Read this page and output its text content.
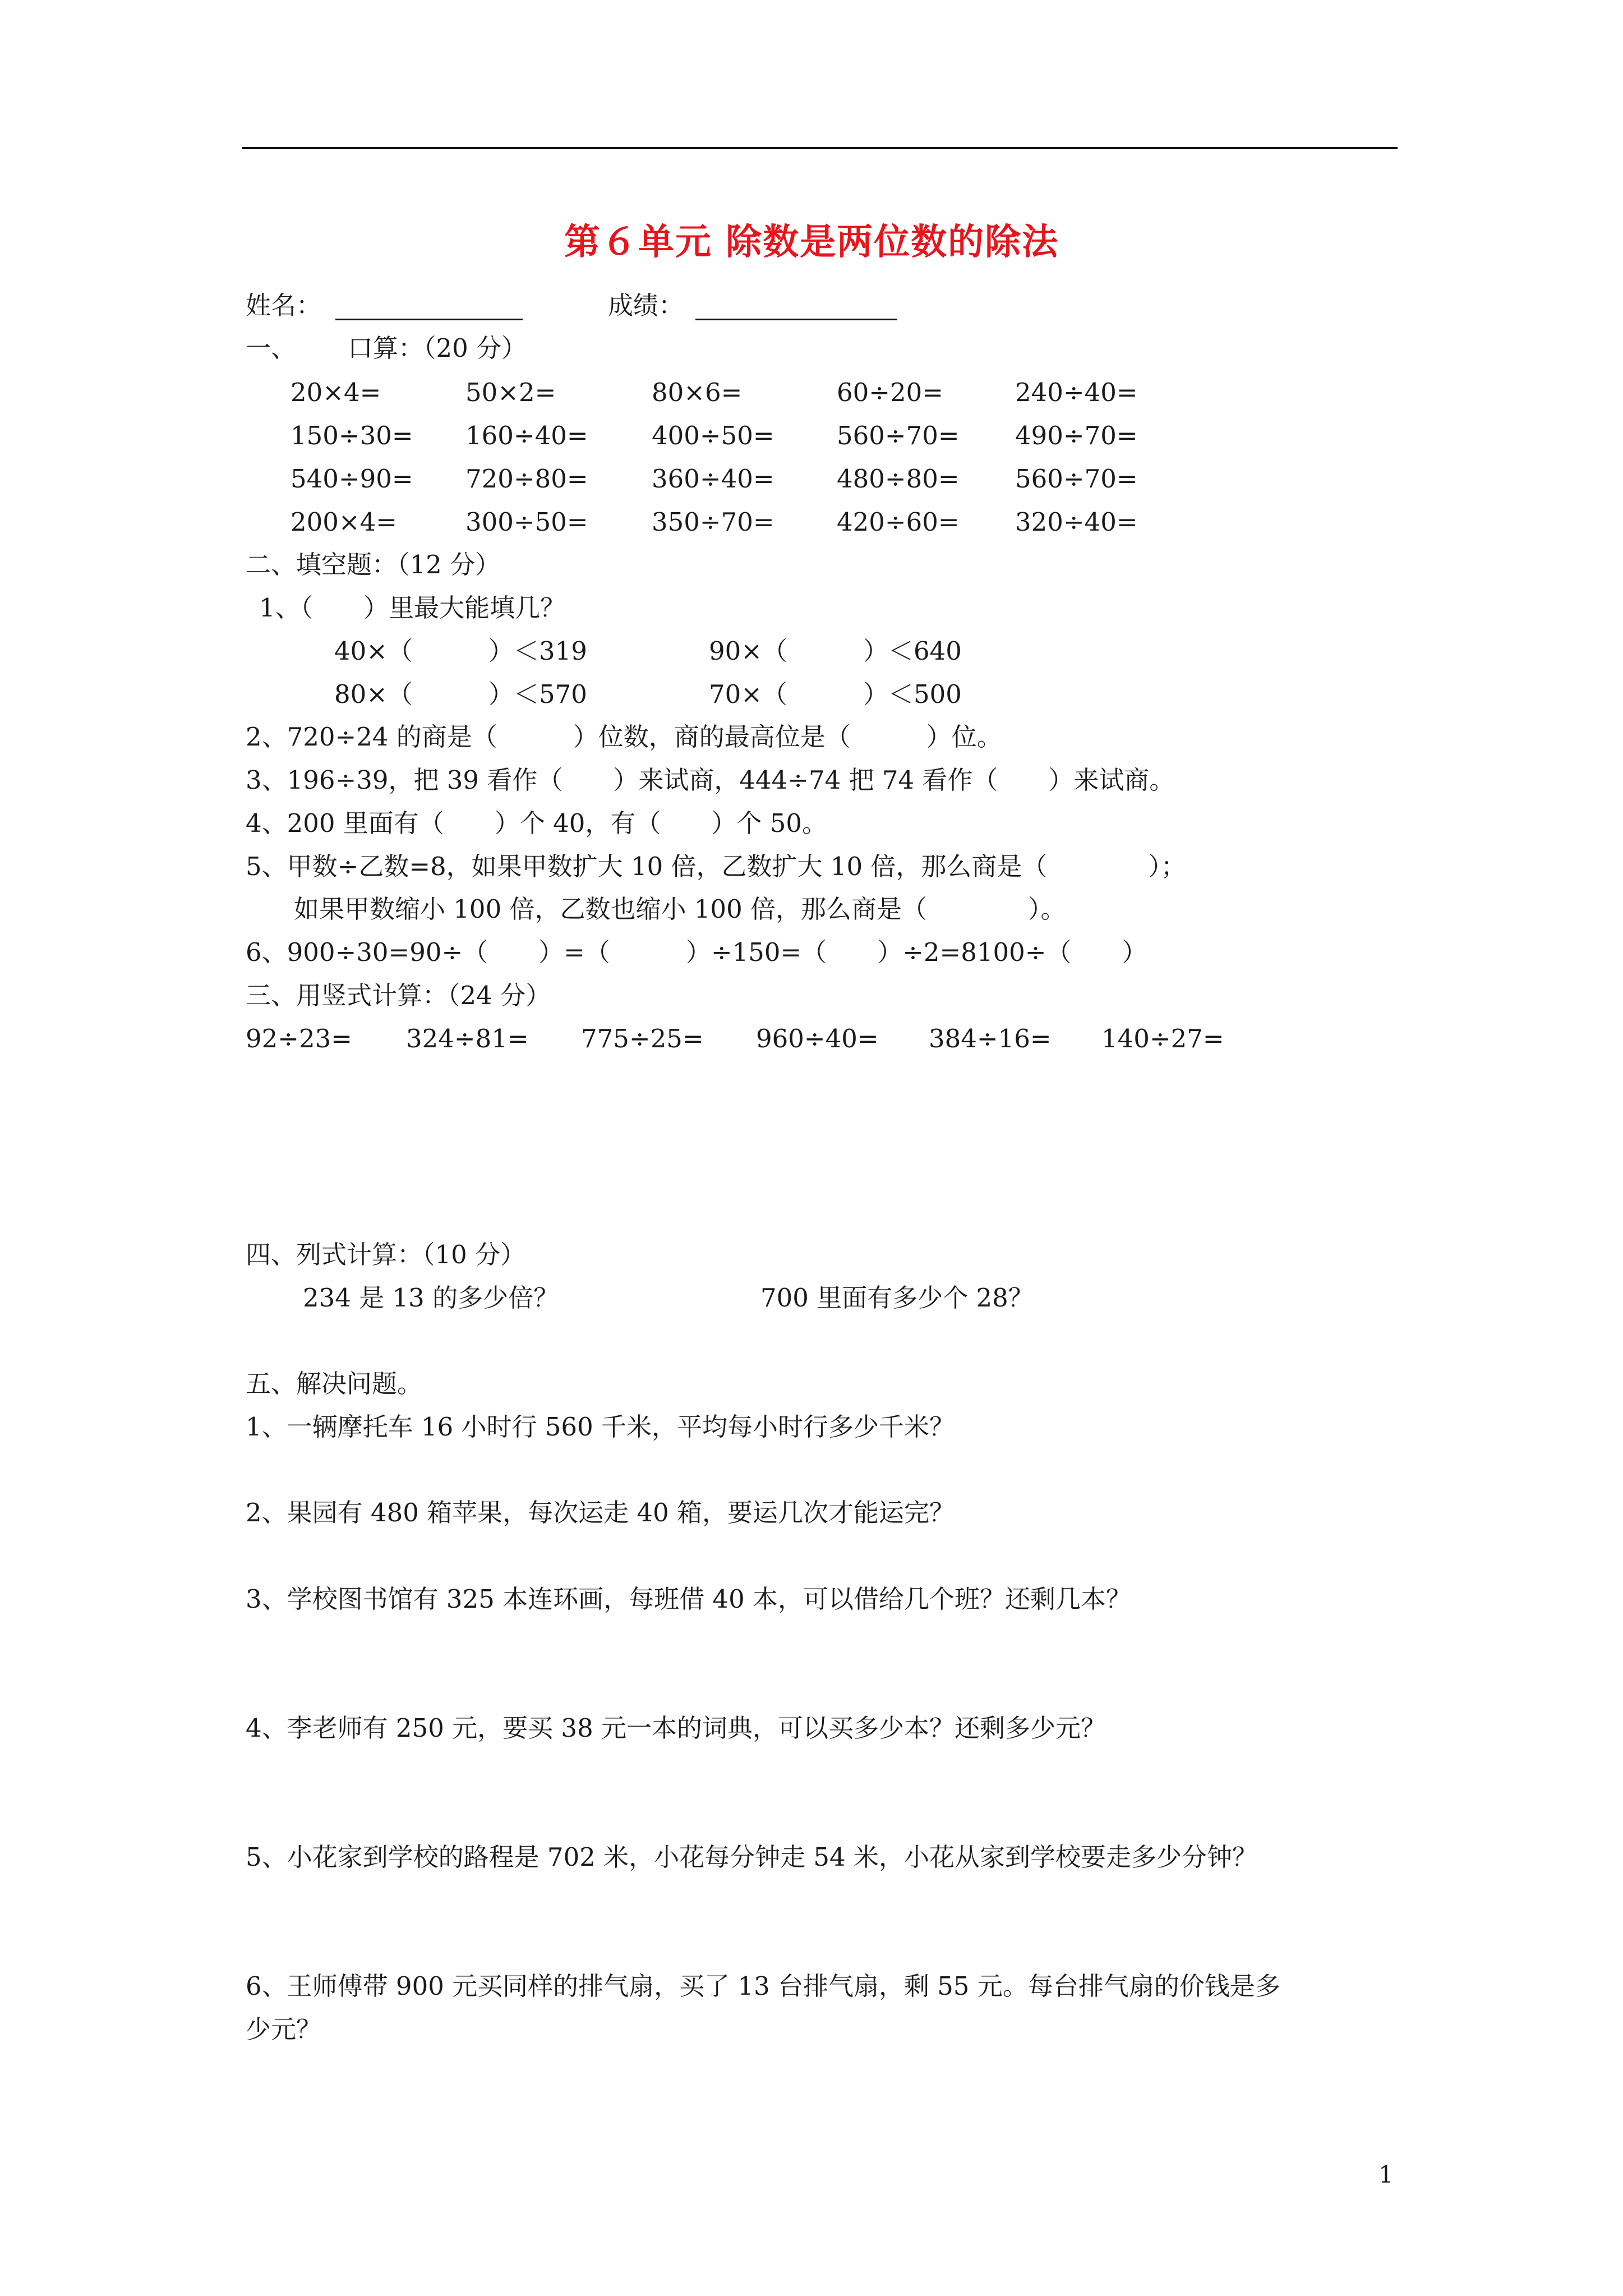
第６单元 除数是两位数的除法
姓名：	成绩：
一、 口算：（20 分）
20×4=	50×2=	80×6=	60÷20=	240÷40=
150÷30= 160÷40=	400÷50= 560÷70= 490÷70=
540÷90= 720÷80=	360÷40= 480÷80= 560÷70=
200×4=	300÷50=	350÷70= 420÷60= 320÷40=
二、填空题：（12 分）
1、（　　）里最大能填几？
40×（　　　）＜319	90×（　　　）＜640
80×（　　　）＜570	70×（　　　）＜500
2、720÷24 的商是（　　　）位数，商的最高位是（　　　）位。
3、196÷39，把 39 看作（　　）来试商，444÷74 把 74 看作（　　）来试商。
4、200 里面有（　　）个 40，有（　　）个 50。
5、甲数÷乙数=8，如果甲数扩大 10 倍，乙数扩大 10 倍，那么商是（　　　　）；
如果甲数缩小 100 倍，乙数也缩小 100 倍，那么商是（　　　　）。
6、900÷30=90÷（　　）=（　　　）÷150=（　　）÷2=8100÷（　　）
三、用竖式计算：（24 分）
92÷23= 324÷81= 775÷25= 960÷40= 384÷16= 140÷27=
四、列式计算：（10 分）
234 是 13 的多少倍？	700 里面有多少个 28？
五、解决问题。
1、一辆摩托车 16 小时行 560 千米，平均每小时行多少千米？
2、果园有 480 箱苹果，每次运走 40 箱，要运几次才能运完？
3、学校图书馆有 325 本连环画，每班借 40 本，可以借给几个班？还剩几本？
4、李老师有 250 元，要买 38 元一本的词典，可以买多少本？还剩多少元？
5、小花家到学校的路程是 702 米，小花每分钟走 54 米，小花从家到学校要走多少分钟？
6、王师傅带 900 元买同样的排气扇，买了 13 台排气扇，剩 55 元。每台排气扇的价钱是多
少元？
1
